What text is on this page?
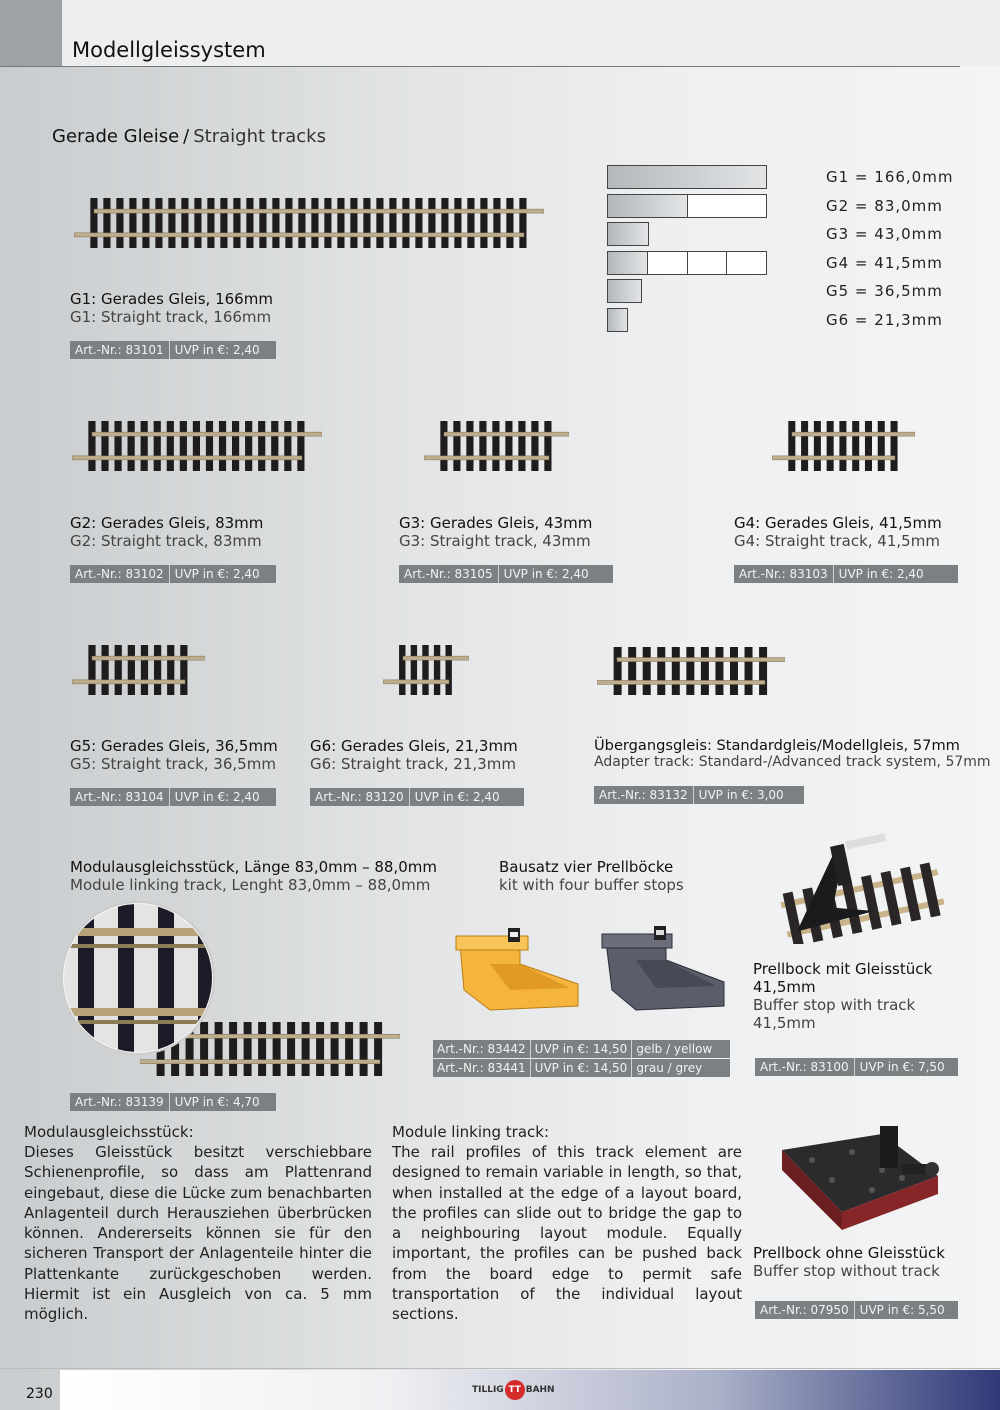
Modellgleissystem
Gerade Gleise / Straight tracks
G1 = 166,0mm
G2 = 83,0mm
G3 = 43,0mm
G4 = 41,5mm
G5 = 36,5mm
G6 = 21,3mm
G1: Gerades Gleis, 166mm
G1: Straight track, 166mm
Art.-Nr.: 83101 UVP in €: 2,40
G2: Gerades Gleis, 83mm
G2: Straight track, 83mm
Art.-Nr.: 83102 UVP in €: 2,40
G3: Gerades Gleis, 43mm
G3: Straight track, 43mm
Art.-Nr.: 83105 UVP in €: 2,40
G4: Gerades Gleis, 41,5mm
G4: Straight track, 41,5mm
Art.-Nr.: 83103 UVP in €: 2,40
G5: Gerades Gleis, 36,5mm
G5: Straight track, 36,5mm
Art.-Nr.: 83104 UVP in €: 2,40
G6: Gerades Gleis, 21,3mm
G6: Straight track, 21,3mm
Art.-Nr.: 83120 UVP in €: 2,40
Übergangsgleis: Standardgleis/Modellgleis, 57mm
Adapter track: Standard-/Advanced track system, 57mm
Art.-Nr.: 83132 UVP in €: 3,00
Modulausgleichsstück, Länge 83,0mm – 88,0mm
Module linking track, Lenght 83,0mm – 88,0mm
Art.-Nr.: 83139 UVP in €: 4,70
Bausatz vier Prellböcke
kit with four buffer stops
Art.-Nr.: 83442 UVP in €: 14,50 gelb / yellow
Art.-Nr.: 83441 UVP in €: 14,50 grau / grey
Prellbock mit Gleisstück
41,5mm
Buffer stop with track
41,5mm
Art.-Nr.: 83100 UVP in €: 7,50
Prellbock ohne Gleisstück
Buffer stop without track
Art.-Nr.: 07950 UVP in €: 5,50
Modulausgleichsstück:

Dieses Gleisstück besitzt verschiebbare Schienenprofile, so dass am Plattenrand eingebaut, diese die Lücke zum benachbarten Anlagenteil durch Herausziehen überbrücken können. Andererseits können sie für den sicheren Transport der Anlagenteile hinter die Plattenkante zurückgeschoben werden. Hiermit ist ein Ausgleich von ca. 5 mm möglich.

Module linking track:

The rail profiles of this track element are designed to remain variable in length, so that, when installed at the edge of a layout board, the profiles can slide out to bridge the gap to a neighbouring layout module. Equally important, the profiles can be pushed back from the board edge to permit safe transportation of the individual layout sections.

230	TILLIG TT BAHN
